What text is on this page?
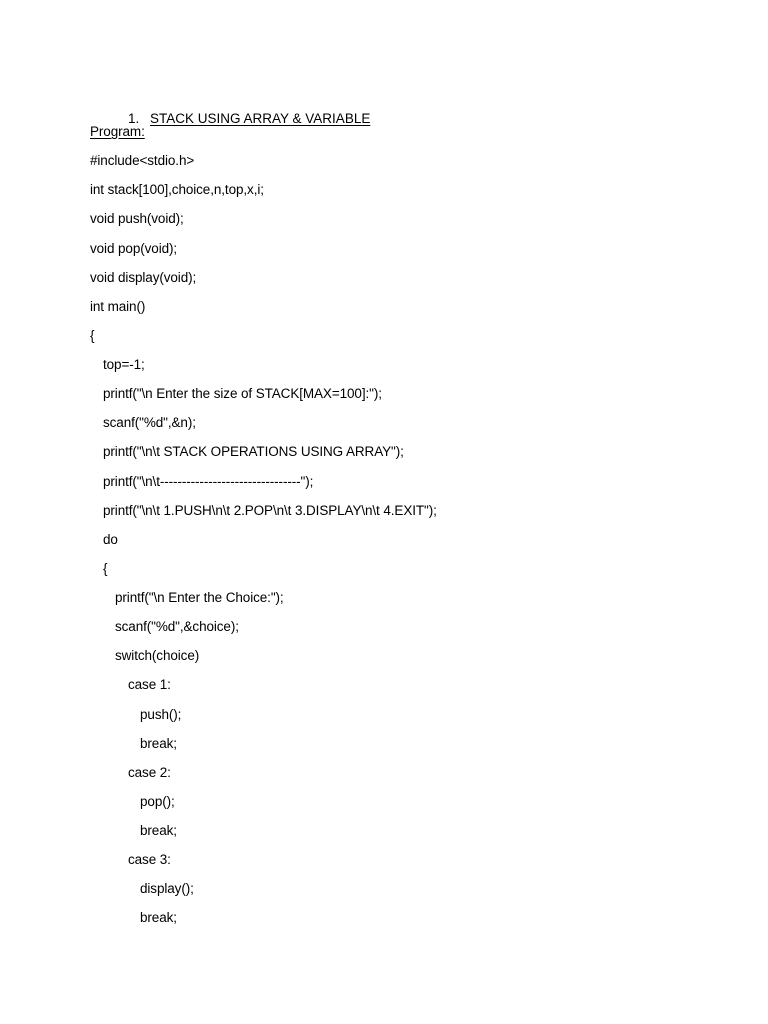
1. STACK USING ARRAY & VARIABLE

Program:
#include<stdio.h>
int stack[100],choice,n,top,x,i;
void push(void);
void pop(void);
void display(void);
int main()
{
top=-1;
printf("\n Enter the size of STACK[MAX=100]:");
scanf("%d",&n);
printf("\n\t STACK OPERATIONS USING ARRAY");
printf("\n\t--------------------------------");
printf("\n\t 1.PUSH\n\t 2.POP\n\t 3.DISPLAY\n\t 4.EXIT");
do
{
printf("\n Enter the Choice:");
scanf("%d",&choice);
switch(choice)
case 1:
push();
break;
case 2:
pop();
break;
case 3:
display();
break;
